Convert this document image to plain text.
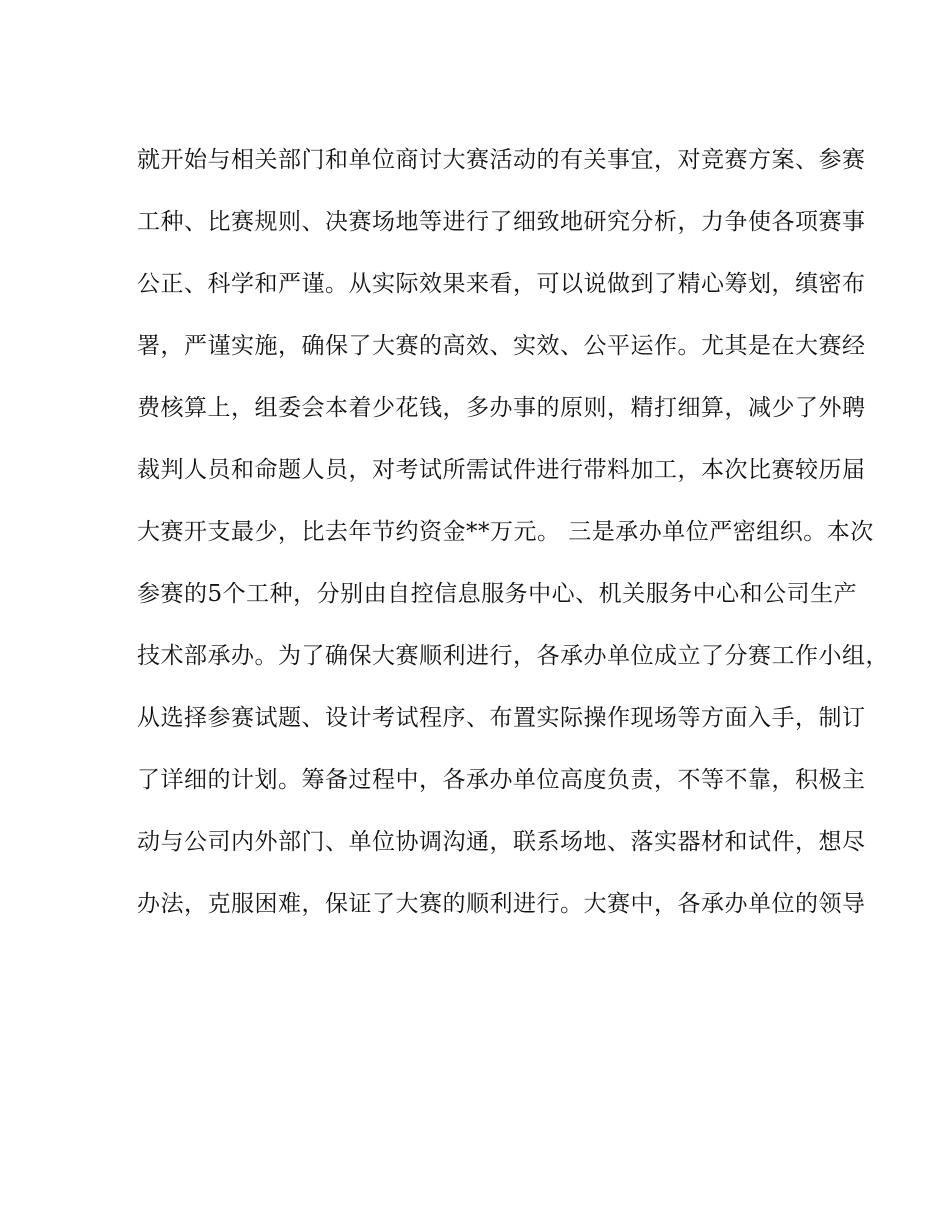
就开始与相关部门和单位商讨大赛活动的有关事宜，对竞赛方案、参赛
工种、比赛规则、决赛场地等进行了细致地研究分析，力争使各项赛事
公正、科学和严谨。从实际效果来看，可以说做到了精心筹划，缜密布
署，严谨实施，确保了大赛的高效、实效、公平运作。尤其是在大赛经
费核算上，组委会本着少花钱，多办事的原则，精打细算，减少了外聘
裁判人员和命题人员，对考试所需试件进行带料加工，本次比赛较历届
大赛开支最少，比去年节约资金**万元。 三是承办单位严密组织。本次
参赛的5个工种，分别由自控信息服务中心、机关服务中心和公司生产
技术部承办。为了确保大赛顺利进行，各承办单位成立了分赛工作小组，
从选择参赛试题、设计考试程序、布置实际操作现场等方面入手，制订
了详细的计划。筹备过程中，各承办单位高度负责，不等不靠，积极主
动与公司内外部门、单位协调沟通，联系场地、落实器材和试件，想尽
办法，克服困难，保证了大赛的顺利进行。大赛中，各承办单位的领导
